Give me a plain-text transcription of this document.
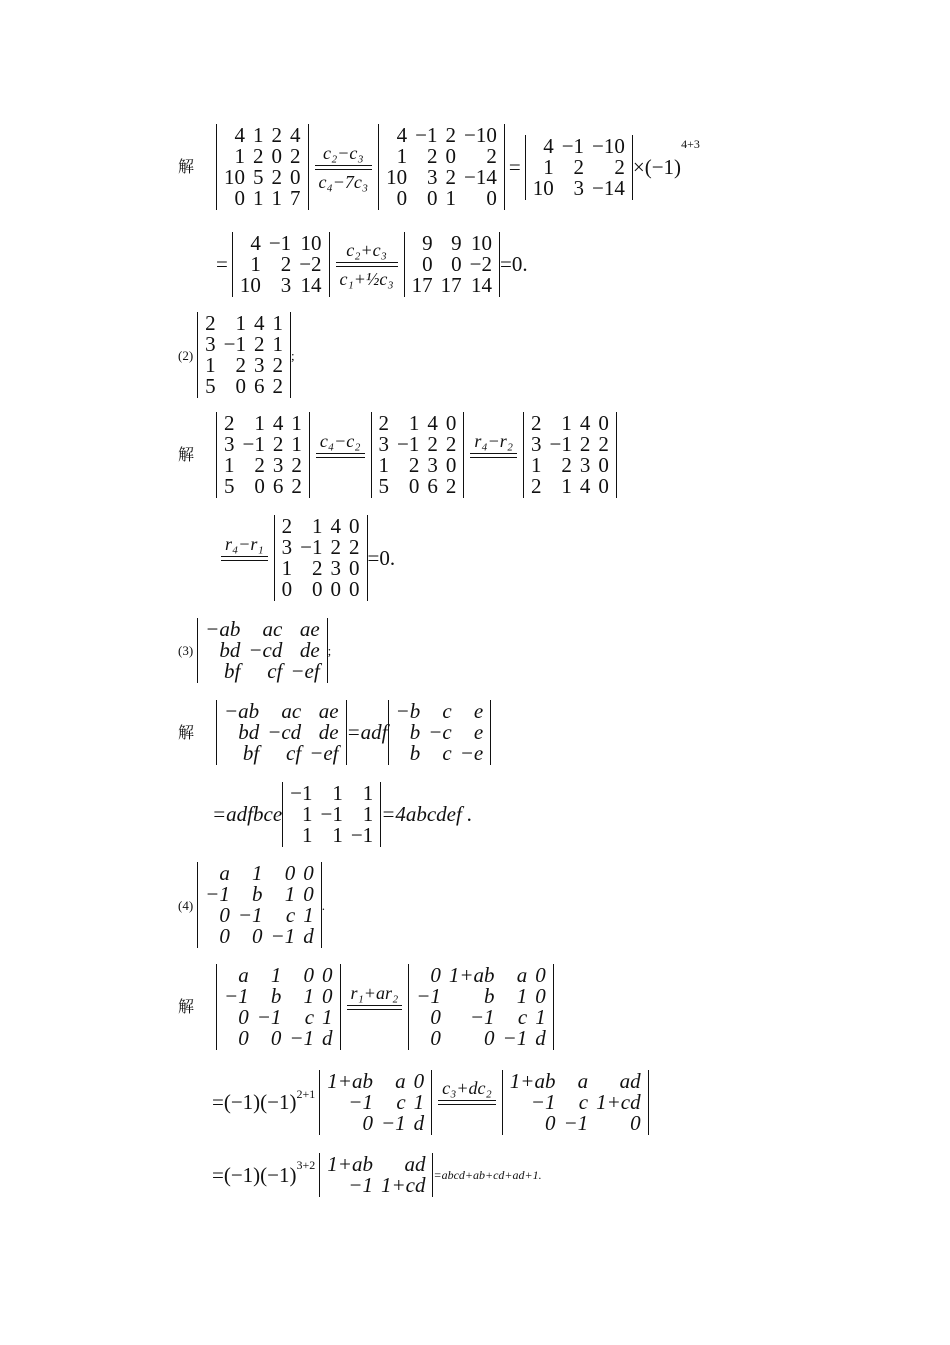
解
4
1
10
0
1
2
5
1
2
0
2
1
4
2
0
7
c₂−c₃
c₄−7c₃
4
1
10
0
−1
2
3
0
2
0
2
1
−10
2
−14
0
=
4
1
10
−1
2
3
−10
2
−14
×(−1)
4+3
=
4
1
10
−1
2
3
10
−2
14
c₂+c₃
c₁+½c₃
9
0
17
9
0
17
10
−2
14
=0.
(2)
2
3
1
5
1
−1
2
0
4
2
3
6
1
1
2
2
;
解
2
3
1
5
1
−1
2
0
4
2
3
6
1
1
2
2
c₄−c₂
2
3
1
5
1
−1
2
0
4
2
3
6
0
2
0
2
r₄−r₂
2
3
1
2
1
−1
2
1
4
2
3
4
0
2
0
0
r₄−r₁
2
3
1
0
1
−1
2
0
4
2
3
0
0
2
0
0
=0.
(3)
−ab
bd
bf
ac
−cd
cf
ae
de
−ef
;
解
−ab
bd
bf
ac
−cd
cf
ae
de
−ef
=adf
−b
b
b
c
−c
c
e
e
−e
=adfbce
−1
1
1
1
−1
1
1
1
−1
=4abcdef .
(4)
a
−1
0
0
1
b
−1
0
0
1
c
−1
0
0
1
d
.
解
a
−1
0
0
1
b
−1
0
0
1
c
−1
0
0
1
d
r₁+ar₂
0
−1
0
0
1+ab
b
−1
0
a
1
c
−1
0
0
1
d
$=(-1)(-1)^{2+1}$
1+ab
−1
0
a
c
−1
0
1
d
c₃+dc₂ 1+ab
−1
0
a
c
−1
ad
1+cd
0
$=(-1)(-1)^{3+2}$ 1+ab
−1
ad
1+cd =abcd+ab+cd+ad+1.
